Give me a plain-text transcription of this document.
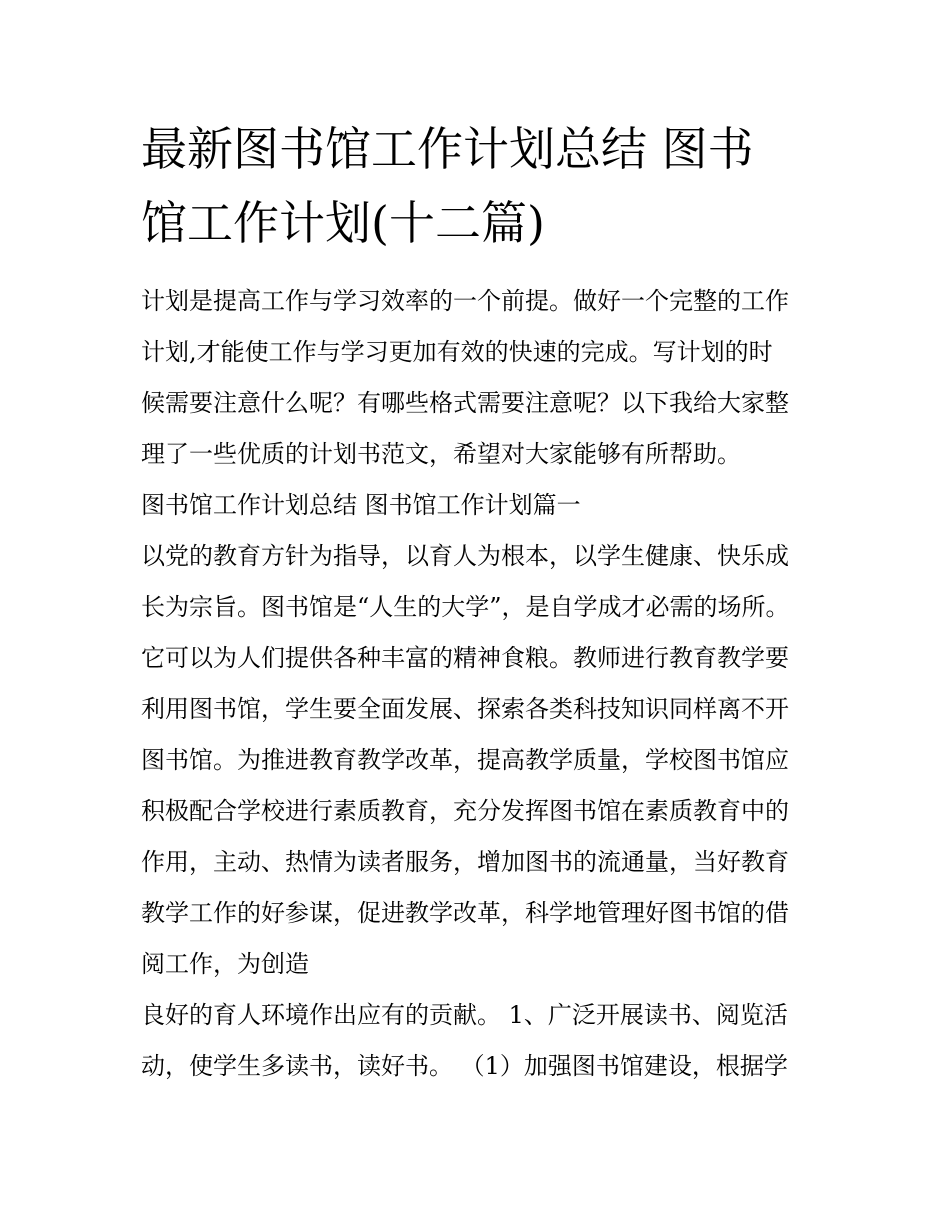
最新图书馆工作计划总结 图书
馆工作计划(十二篇)
计划是提高工作与学习效率的一个前提。做好一个完整的工作
计划,才能使工作与学习更加有效的快速的完成。写计划的时
候需要注意什么呢？有哪些格式需要注意呢？以下我给大家整
理了一些优质的计划书范文，希望对大家能够有所帮助。
图书馆工作计划总结 图书馆工作计划篇一
以党的教育方针为指导，以育人为根本，以学生健康、快乐成
长为宗旨。图书馆是“人生的大学”，是自学成才必需的场所。
它可以为人们提供各种丰富的精神食粮。教师进行教育教学要
利用图书馆，学生要全面发展、探索各类科技知识同样离不开
图书馆。为推进教育教学改革，提高教学质量，学校图书馆应
积极配合学校进行素质教育，充分发挥图书馆在素质教育中的
作用，主动、热情为读者服务，增加图书的流通量，当好教育
教学工作的好参谋，促进教学改革，科学地管理好图书馆的借
阅工作，为创造
良好的育人环境作出应有的贡献。 1、广泛开展读书、阅览活
动，使学生多读书，读好书。 （1）加强图书馆建设，根据学
